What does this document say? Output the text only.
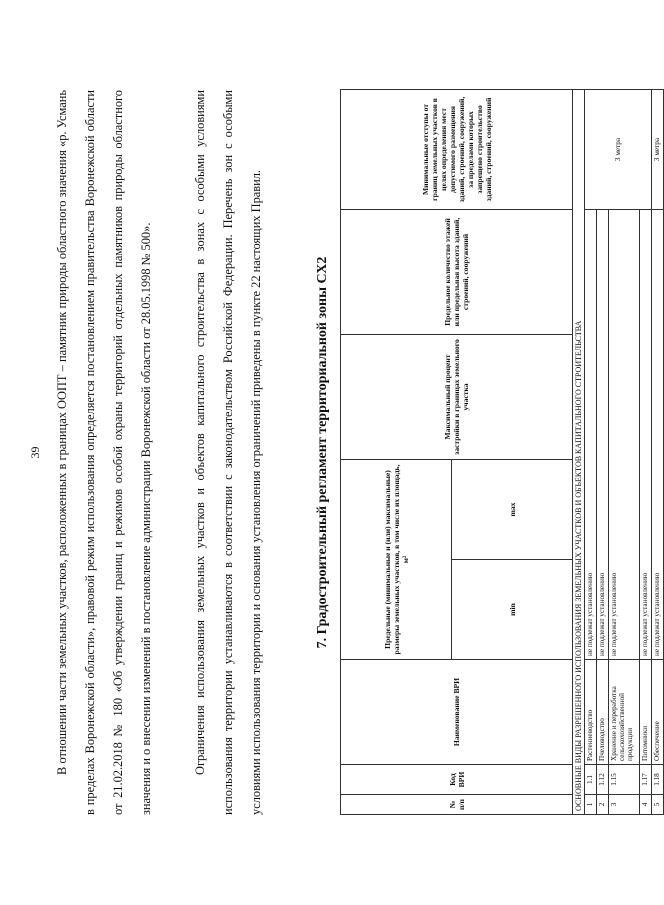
39	В отношении части земельных участков, расположенных в границах ООПТ – памятник природы областного значения «р. Усмань в пределах Воронежской области», правовой режим использования определяется постановлением правительства Воронежской области от 21.02.2018 № 180 «Об утверждении границ и режимов особой охраны территорий отдельных памятников природы областного значения и о внесении изменений в постановление администрации Воронежской области от 28.05.1998 № 500».	Ограничения использования земельных участков и объектов капитального строительства в зонах с особыми условиями использования территории устанавливаются в соответствии с законодательством Российской Федерации. Перечень зон с особыми условиями использования территории и основания установления ограничений приведены в пункте 22 настоящих Правил.	7. Градостроительный регламент территориальной зоны СХ2
№ п/п	Код ВРИ	Наименование ВРИ	Предельные (минимальные и (или) максимальные) размеры земельных участков, в том числе их площадь, м²		Максимальный процент застройки в границах земельного участка	Предельное количество этажей или предельная высота зданий, строений, сооружений	Минимальные отступы от границ земельных участков в целях определения мест допустимого размещения зданий, строений, сооружений, за пределами которых запрещено строительство зданий, строений, сооружений
			min	max			
ОСНОВНЫЕ ВИДЫ РАЗРЕШЕННОГО ИСПОЛЬЗОВАНИЯ ЗЕМЕЛЬНЫХ УЧАСТКОВ И ОБЪЕКТОВ КАПИТАЛЬНОГО СТРОИТЕЛЬСТВА							
1	1.1	Растениеводство	не подлежат установлению				3 метра
2	1.12	Пчеловодство	не подлежат установлению				
3	1.15	Хранение и переработка сельскохозяйственной продукции	не подлежат установлению				
4	1.17	Питомники	не подлежат установлению				
5	1.18	Обеспечение	не подлежат установлению				3 метра
